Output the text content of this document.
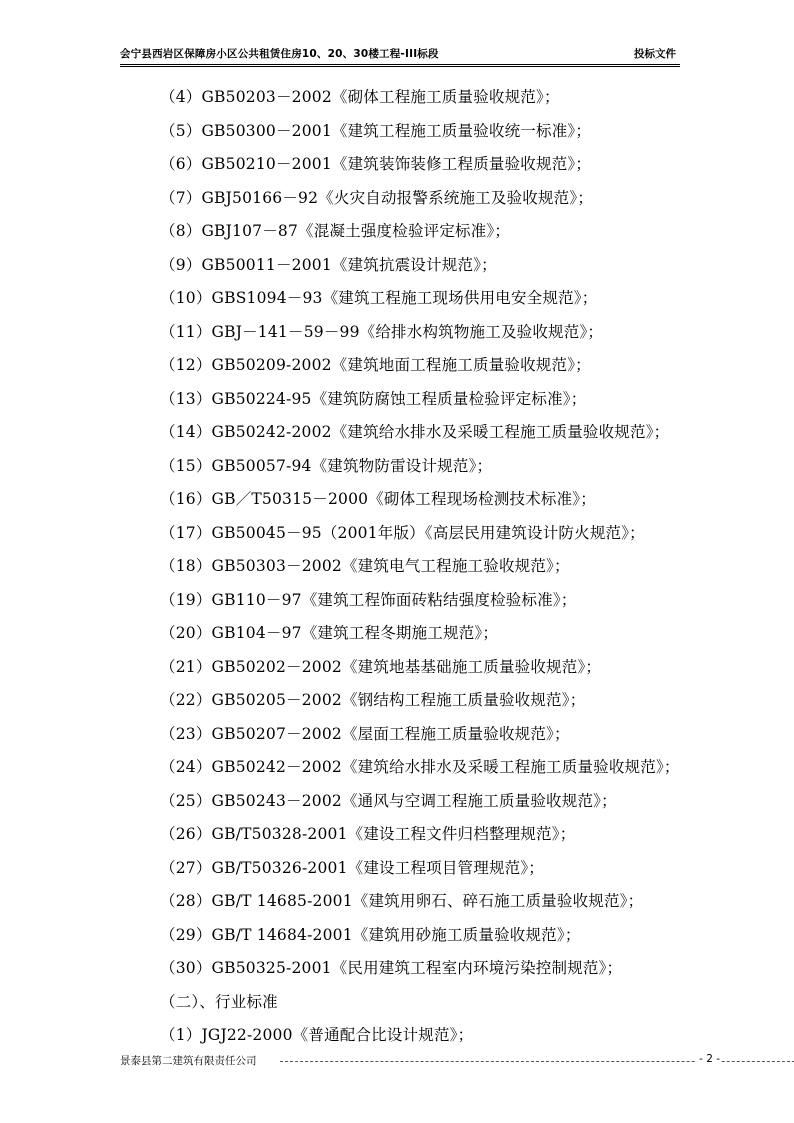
会宁县西岩区保障房小区公共租赁住房10、20、30楼工程-III标段	投标文件
（4）GB50203－2002《砌体工程施工质量验收规范》；
（5）GB50300－2001《建筑工程施工质量验收统一标准》；
（6）GB50210－2001《建筑装饰装修工程质量验收规范》；
（7）GBJ50166－92《火灾自动报警系统施工及验收规范》；
（8）GBJ107－87《混凝土强度检验评定标准》；
（9）GB50011－2001《建筑抗震设计规范》；
（10）GBS1094－93《建筑工程施工现场供用电安全规范》；
（11）GBJ－141－59－99《给排水构筑物施工及验收规范》；
（12）GB50209-2002《建筑地面工程施工质量验收规范》；
（13）GB50224-95《建筑防腐蚀工程质量检验评定标准》；
（14）GB50242-2002《建筑给水排水及采暖工程施工质量验收规范》；
（15）GB50057-94《建筑物防雷设计规范》；
（16）GB／T50315－2000《砌体工程现场检测技术标准》；
（17）GB50045－95（2001年版）《高层民用建筑设计防火规范》；
（18）GB50303－2002《建筑电气工程施工验收规范》；
（19）GB110－97《建筑工程饰面砖粘结强度检验标准》；
（20）GB104－97《建筑工程冬期施工规范》；
（21）GB50202－2002《建筑地基基础施工质量验收规范》；
（22）GB50205－2002《钢结构工程施工质量验收规范》；
（23）GB50207－2002《屋面工程施工质量验收规范》；
（24）GB50242－2002《建筑给水排水及采暖工程施工质量验收规范》；
（25）GB50243－2002《通风与空调工程施工质量验收规范》；
（26）GB/T50328-2001《建设工程文件归档整理规范》；
（27）GB/T50326-2001《建设工程项目管理规范》；
（28）GB/T 14685-2001《建筑用卵石、碎石施工质量验收规范》；
（29）GB/T 14684-2001《建筑用砂施工质量验收规范》；
（30）GB50325-2001《民用建筑工程室内环境污染控制规范》；
（二）、行业标准
（1）JGJ22-2000《普通配合比设计规范》；
景泰县第二建筑有限责任公司	- 2 -
